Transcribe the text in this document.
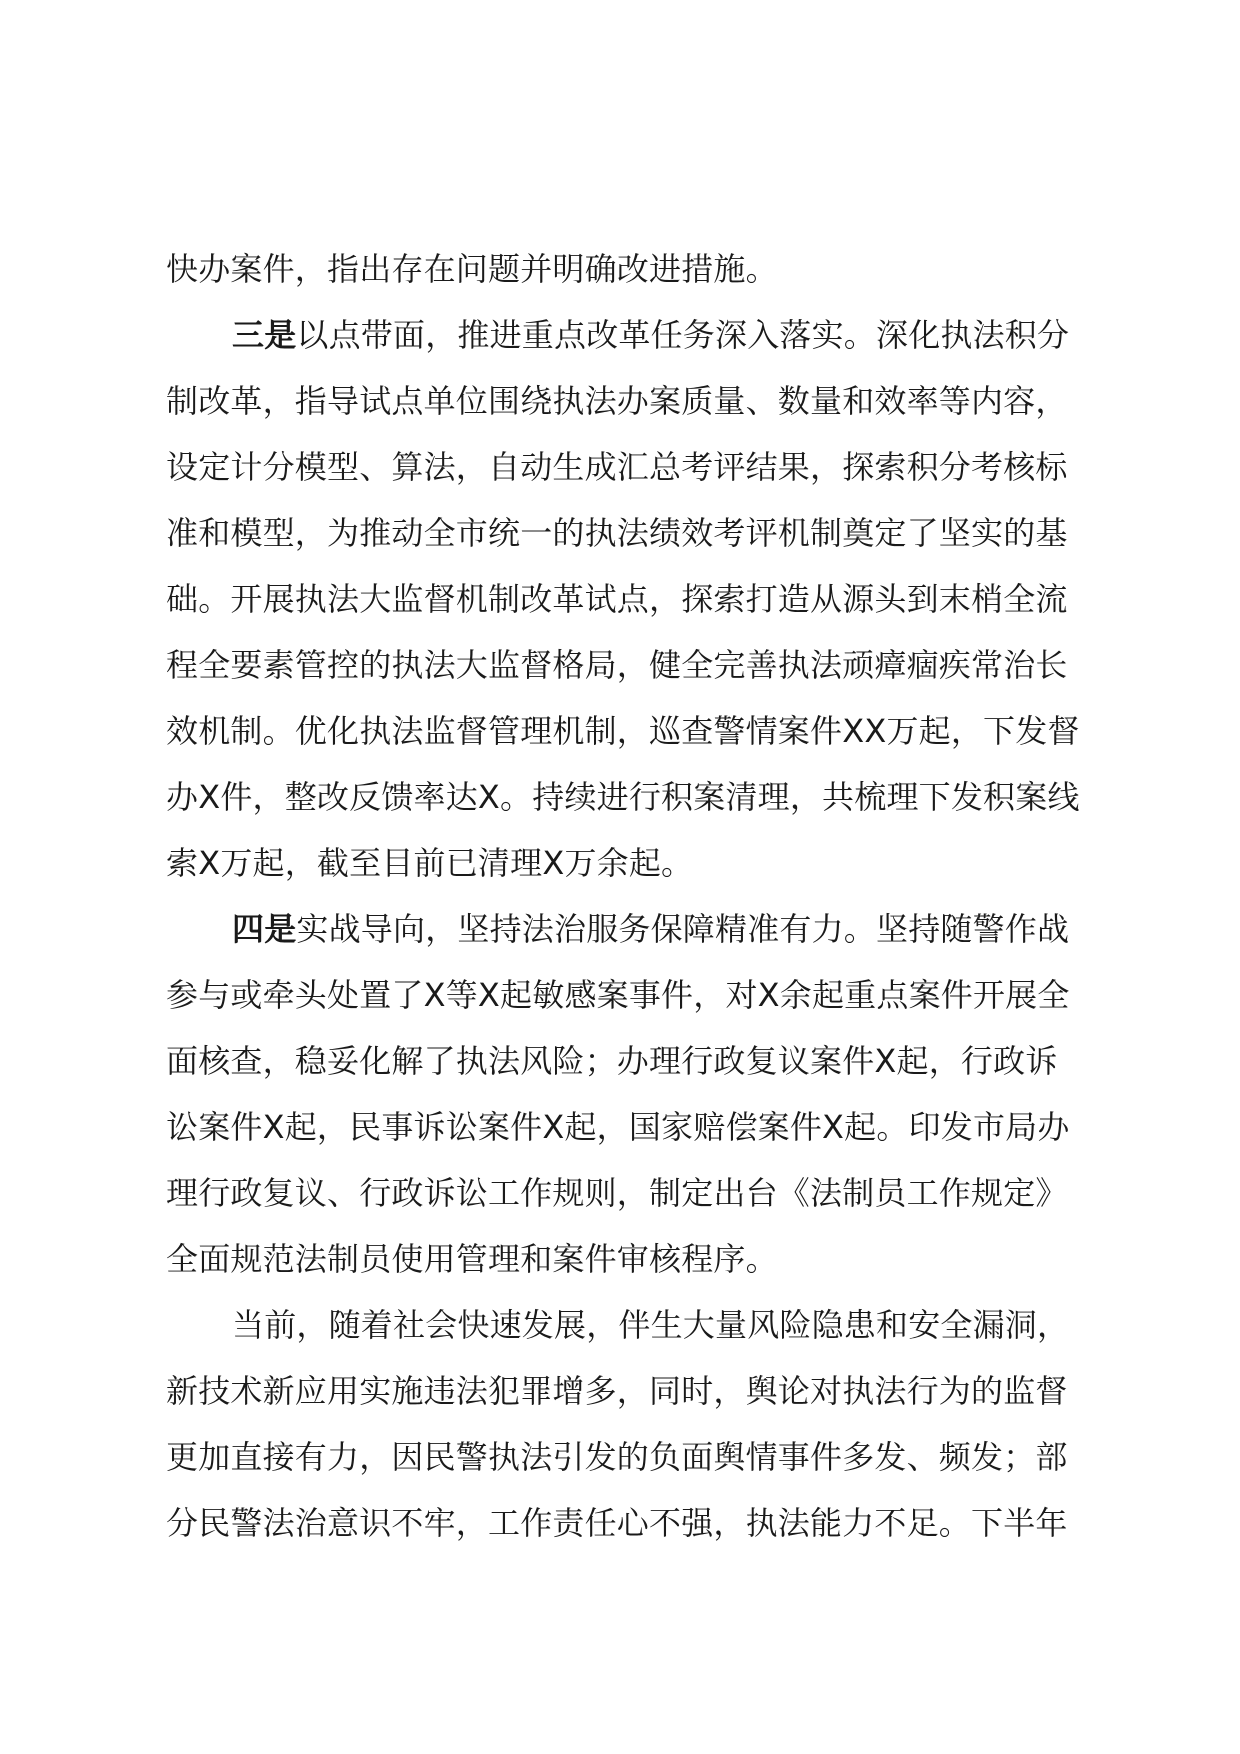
快办案件，指出存在问题并明确改进措施。
三是以点带面，推进重点改革任务深入落实。深化执法积分
制改革，指导试点单位围绕执法办案质量、数量和效率等内容，
设定计分模型、算法，自动生成汇总考评结果，探索积分考核标
准和模型，为推动全市统一的执法绩效考评机制奠定了坚实的基
础。开展执法大监督机制改革试点，探索打造从源头到末梢全流
程全要素管控的执法大监督格局，健全完善执法顽瘴痼疾常治长
效机制。优化执法监督管理机制，巡查警情案件XX万起，下发督
办X件，整改反馈率达X。持续进行积案清理，共梳理下发积案线
索X万起，截至目前已清理X万余起。
四是实战导向，坚持法治服务保障精准有力。坚持随警作战
参与或牵头处置了X等X起敏感案事件，对X余起重点案件开展全
面核查，稳妥化解了执法风险；办理行政复议案件X起，行政诉
讼案件X起，民事诉讼案件X起，国家赔偿案件X起。印发市局办
理行政复议、行政诉讼工作规则，制定出台《法制员工作规定》
全面规范法制员使用管理和案件审核程序。
当前，随着社会快速发展，伴生大量风险隐患和安全漏洞，
新技术新应用实施违法犯罪增多，同时，舆论对执法行为的监督
更加直接有力，因民警执法引发的负面舆情事件多发、频发；部
分民警法治意识不牢，工作责任心不强，执法能力不足。下半年
